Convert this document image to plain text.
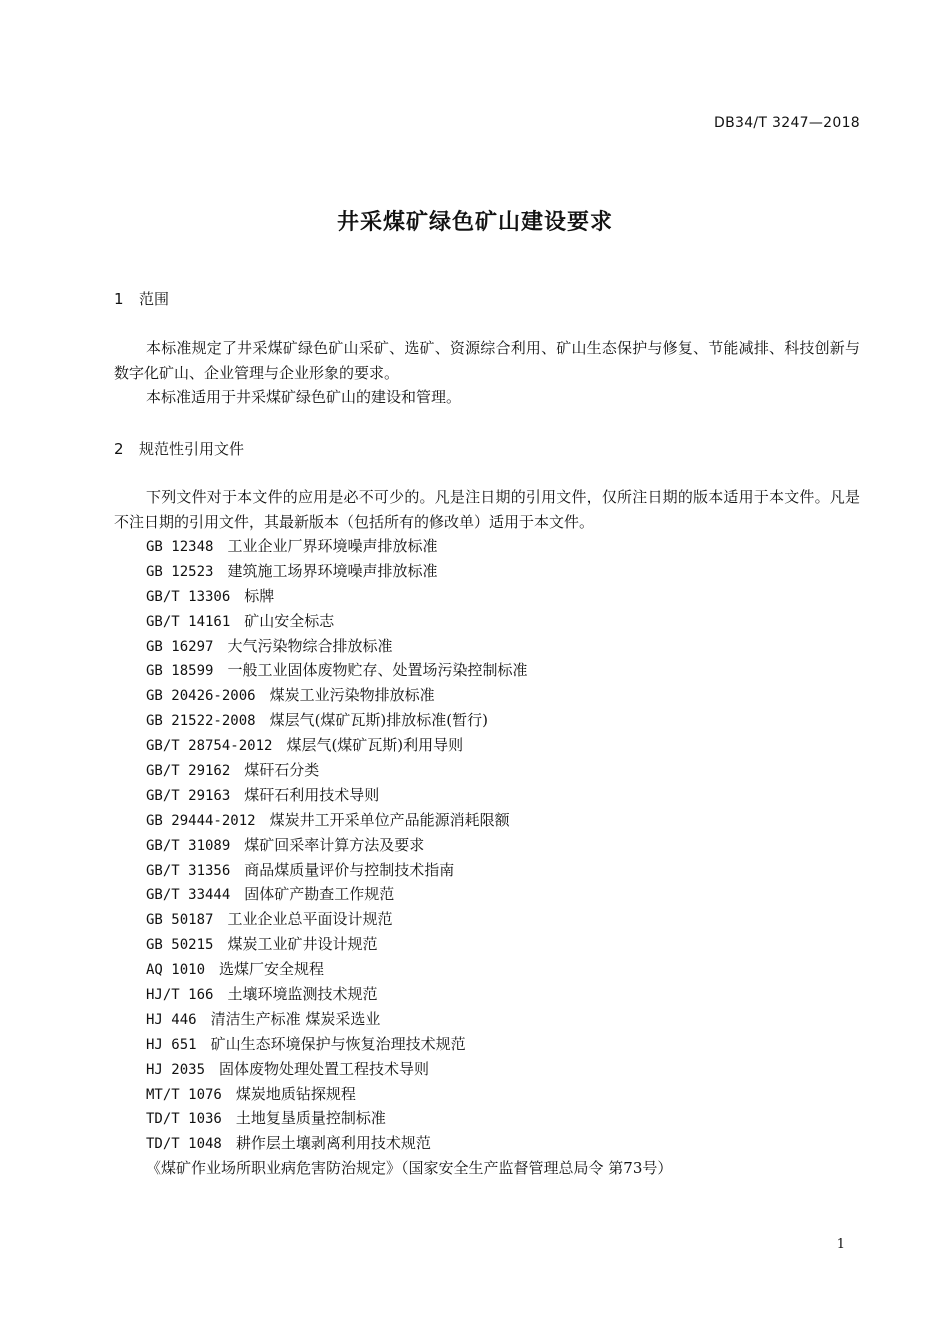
DB34/T 3247—2018
井采煤矿绿色矿山建设要求
1 范围
本标准规定了井采煤矿绿色矿山采矿、选矿、资源综合利用、矿山生态保护与修复、节能减排、科技创新与数字化矿山、企业管理与企业形象的要求。
本标准适用于井采煤矿绿色矿山的建设和管理。
2 规范性引用文件
下列文件对于本文件的应用是必不可少的。凡是注日期的引用文件，仅所注日期的版本适用于本文件。凡是不注日期的引用文件，其最新版本（包括所有的修改单）适用于本文件。
GB 12348 工业企业厂界环境噪声排放标准
GB 12523 建筑施工场界环境噪声排放标准
GB/T 13306 标牌
GB/T 14161 矿山安全标志
GB 16297 大气污染物综合排放标准
GB 18599 一般工业固体废物贮存、处置场污染控制标准
GB 20426-2006 煤炭工业污染物排放标准
GB 21522-2008 煤层气(煤矿瓦斯)排放标准(暂行)
GB/T 28754-2012 煤层气(煤矿瓦斯)利用导则
GB/T 29162 煤矸石分类
GB/T 29163 煤矸石利用技术导则
GB 29444-2012 煤炭井工开采单位产品能源消耗限额
GB/T 31089 煤矿回采率计算方法及要求
GB/T 31356 商品煤质量评价与控制技术指南
GB/T 33444 固体矿产勘查工作规范
GB 50187 工业企业总平面设计规范
GB 50215 煤炭工业矿井设计规范
AQ 1010 选煤厂安全规程
HJ/T 166 土壤环境监测技术规范
HJ 446 清洁生产标准 煤炭采选业
HJ 651 矿山生态环境保护与恢复治理技术规范
HJ 2035 固体废物处理处置工程技术导则
MT/T 1076 煤炭地质钻探规程
TD/T 1036 土地复垦质量控制标准
TD/T 1048 耕作层土壤剥离利用技术规范
《煤矿作业场所职业病危害防治规定》（国家安全生产监督管理总局令 第73号）
1
